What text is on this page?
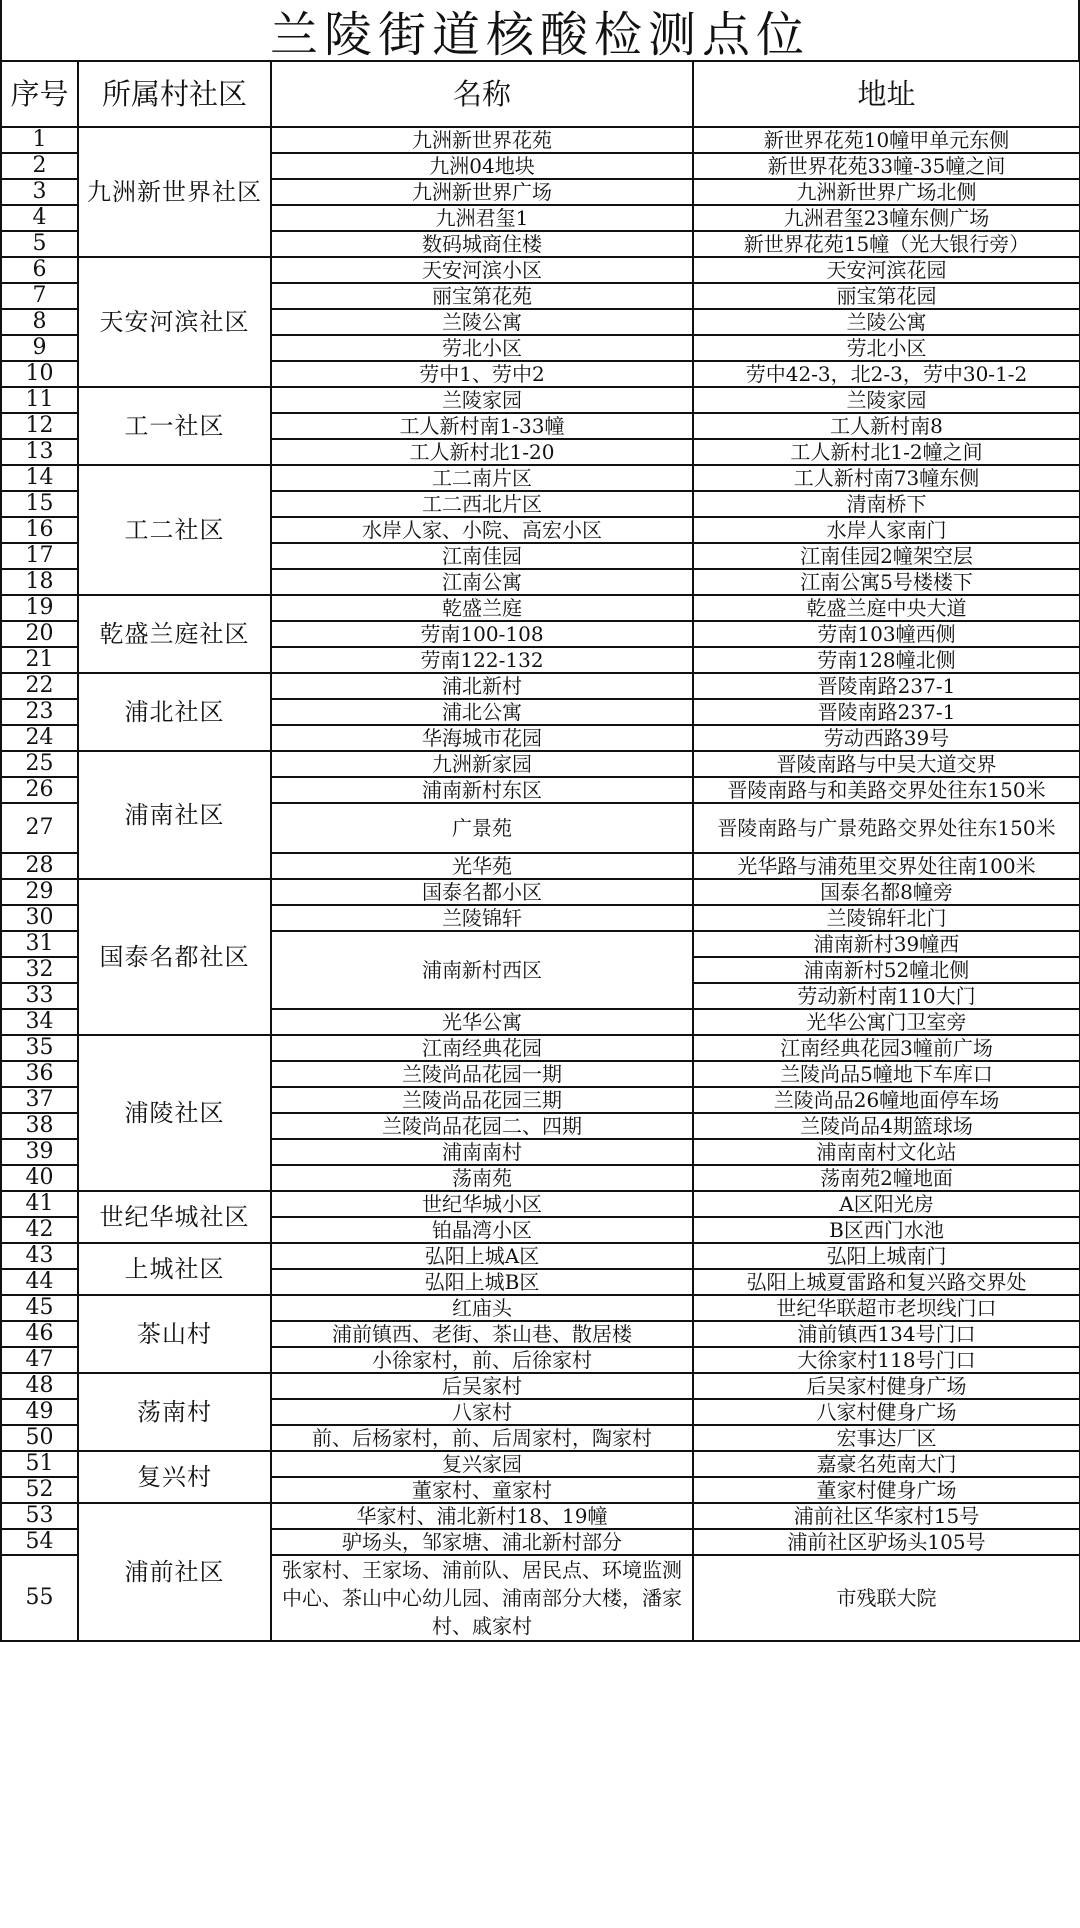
兰陵街道核酸检测点位
序号	所属村社区	名称	地址
1	九洲新世界社区	九洲新世界花苑	新世界花苑10幢甲单元东侧
2		九洲04地块	新世界花苑33幢-35幢之间
3		九洲新世界广场	九洲新世界广场北侧
4		九洲君玺1	九洲君玺23幢东侧广场
5		数码城商住楼	新世界花苑15幢（光大银行旁）
6	天安河滨社区	天安河滨小区	天安河滨花园
7		丽宝第花苑	丽宝第花园
8		兰陵公寓	兰陵公寓
9		劳北小区	劳北小区
10		劳中1、劳中2	劳中42-3，北2-3，劳中30-1-2
11	工一社区	兰陵家园	兰陵家园
12		工人新村南1-33幢	工人新村南8
13		工人新村北1-20	工人新村北1-2幢之间
14	工二社区	工二南片区	工人新村南73幢东侧
15		工二西北片区	清南桥下
16		水岸人家、小院、高宏小区	水岸人家南门
17		江南佳园	江南佳园2幢架空层
18		江南公寓	江南公寓5号楼楼下
19	乾盛兰庭社区	乾盛兰庭	乾盛兰庭中央大道
20		劳南100-108	劳南103幢西侧
21		劳南122-132	劳南128幢北侧
22	浦北社区	浦北新村	晋陵南路237-1
23		浦北公寓	晋陵南路237-1
24		华海城市花园	劳动西路39号
25	浦南社区	九洲新家园	晋陵南路与中吴大道交界
26		浦南新村东区	晋陵南路与和美路交界处往东150米
27		广景苑	晋陵南路与广景苑路交界处往东150米
28		光华苑	光华路与浦苑里交界处往南100米
29	国泰名都社区	国泰名都小区	国泰名都8幢旁
30		兰陵锦轩	兰陵锦轩北门
31		浦南新村西区	浦南新村39幢西
32			浦南新村52幢北侧
33			劳动新村南110大门
34		光华公寓	光华公寓门卫室旁
35	浦陵社区	江南经典花园	江南经典花园3幢前广场
36		兰陵尚品花园一期	兰陵尚品5幢地下车库口
37		兰陵尚品花园三期	兰陵尚品26幢地面停车场
38		兰陵尚品花园二、四期	兰陵尚品4期篮球场
39		浦南南村	浦南南村文化站
40		荡南苑	荡南苑2幢地面
41	世纪华城社区	世纪华城小区	A区阳光房
42		铂晶湾小区	B区西门水池
43	上城社区	弘阳上城A区	弘阳上城南门
44		弘阳上城B区	弘阳上城夏雷路和复兴路交界处
45	茶山村	红庙头	世纪华联超市老坝线门口
46		浦前镇西、老街、茶山巷、散居楼	浦前镇西134号门口
47		小徐家村，前、后徐家村	大徐家村118号门口
48	荡南村	后吴家村	后吴家村健身广场
49		八家村	八家村健身广场
50		前、后杨家村，前、后周家村，陶家村	宏事达厂区
51	复兴村	复兴家园	嘉豪名苑南大门
52		董家村、童家村	董家村健身广场
53	浦前社区	华家村、浦北新村18、19幢	浦前社区华家村15号
54		驴场头，邹家塘、浦北新村部分	浦前社区驴场头105号
55		张家村、王家场、浦前队、居民点、环境监测中心、茶山中心幼儿园、浦南部分大楼，潘家村、戚家村	市残联大院
